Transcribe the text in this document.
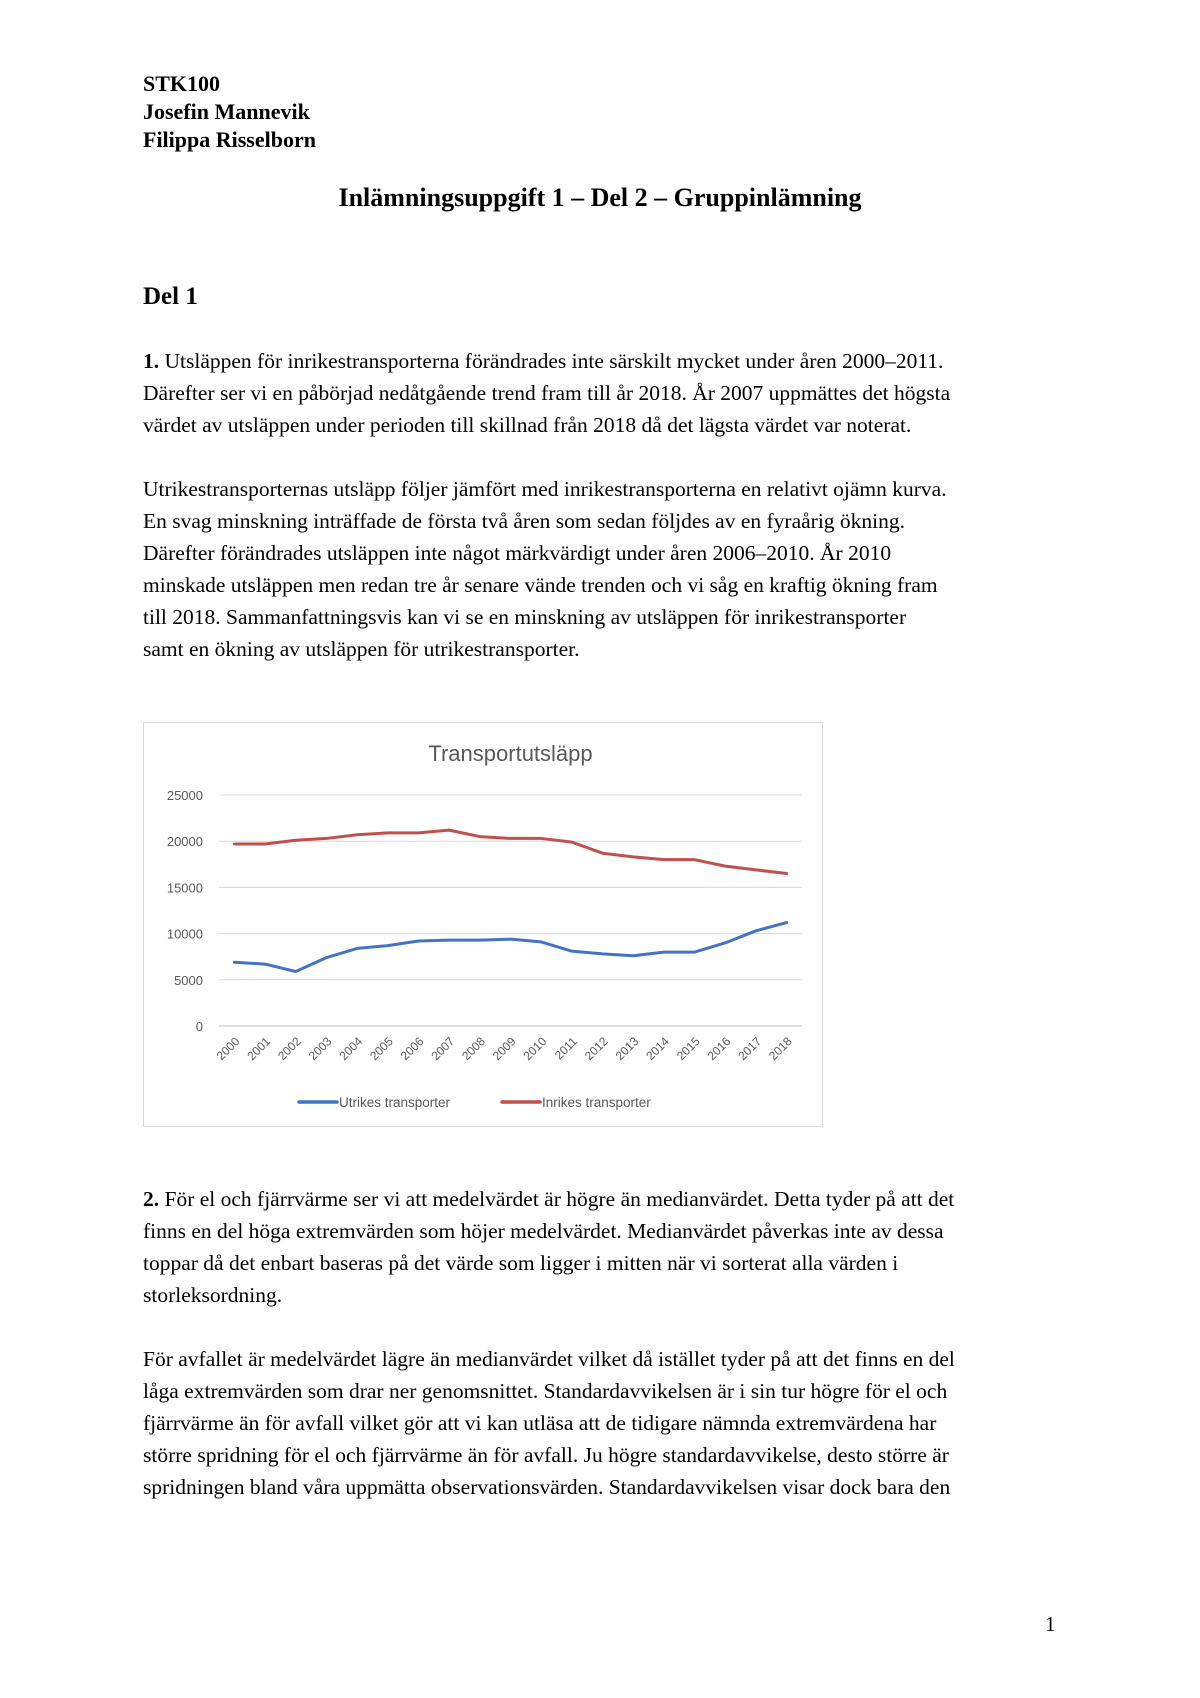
STK100
Josefin Mannevik
Filippa Risselborn
Inlämningsuppgift 1 – Del 2 – Gruppinlämning
Del 1
1. Utsläppen för inrikestransporterna förändrades inte särskilt mycket under åren 2000–2011.
Därefter ser vi en påbörjad nedåtgående trend fram till år 2018. År 2007 uppmättes det högsta
värdet av utsläppen under perioden till skillnad från 2018 då det lägsta värdet var noterat.
Utrikestransporternas utsläpp följer jämfört med inrikestransporterna en relativt ojämn kurva.
En svag minskning inträffade de första två åren som sedan följdes av en fyraårig ökning.
Därefter förändrades utsläppen inte något märkvärdigt under åren 2006–2010. År 2010
minskade utsläppen men redan tre år senare vände trenden och vi såg en kraftig ökning fram
till 2018. Sammanfattningsvis kan vi se en minskning av utsläppen för inrikestransporter
samt en ökning av utsläppen för utrikestransporter.
Transportutsläpp
0
5000
10000
15000
20000
25000
2000 2001 2002 2003 2004 2005 2006 2007 2008 2009 2010 2011 2012 2013 2014 2015 2016 2017 2018
Utrikes transporter	Inrikes transporter
2. För el och fjärrvärme ser vi att medelvärdet är högre än medianvärdet. Detta tyder på att det
finns en del höga extremvärden som höjer medelvärdet. Medianvärdet påverkas inte av dessa
toppar då det enbart baseras på det värde som ligger i mitten när vi sorterat alla värden i
storleksordning.
För avfallet är medelvärdet lägre än medianvärdet vilket då istället tyder på att det finns en del
låga extremvärden som drar ner genomsnittet. Standardavvikelsen är i sin tur högre för el och
fjärrvärme än för avfall vilket gör att vi kan utläsa att de tidigare nämnda extremvärdena har
större spridning för el och fjärrvärme än för avfall. Ju högre standardavvikelse, desto större är
spridningen bland våra uppmätta observationsvärden. Standardavvikelsen visar dock bara den
1
